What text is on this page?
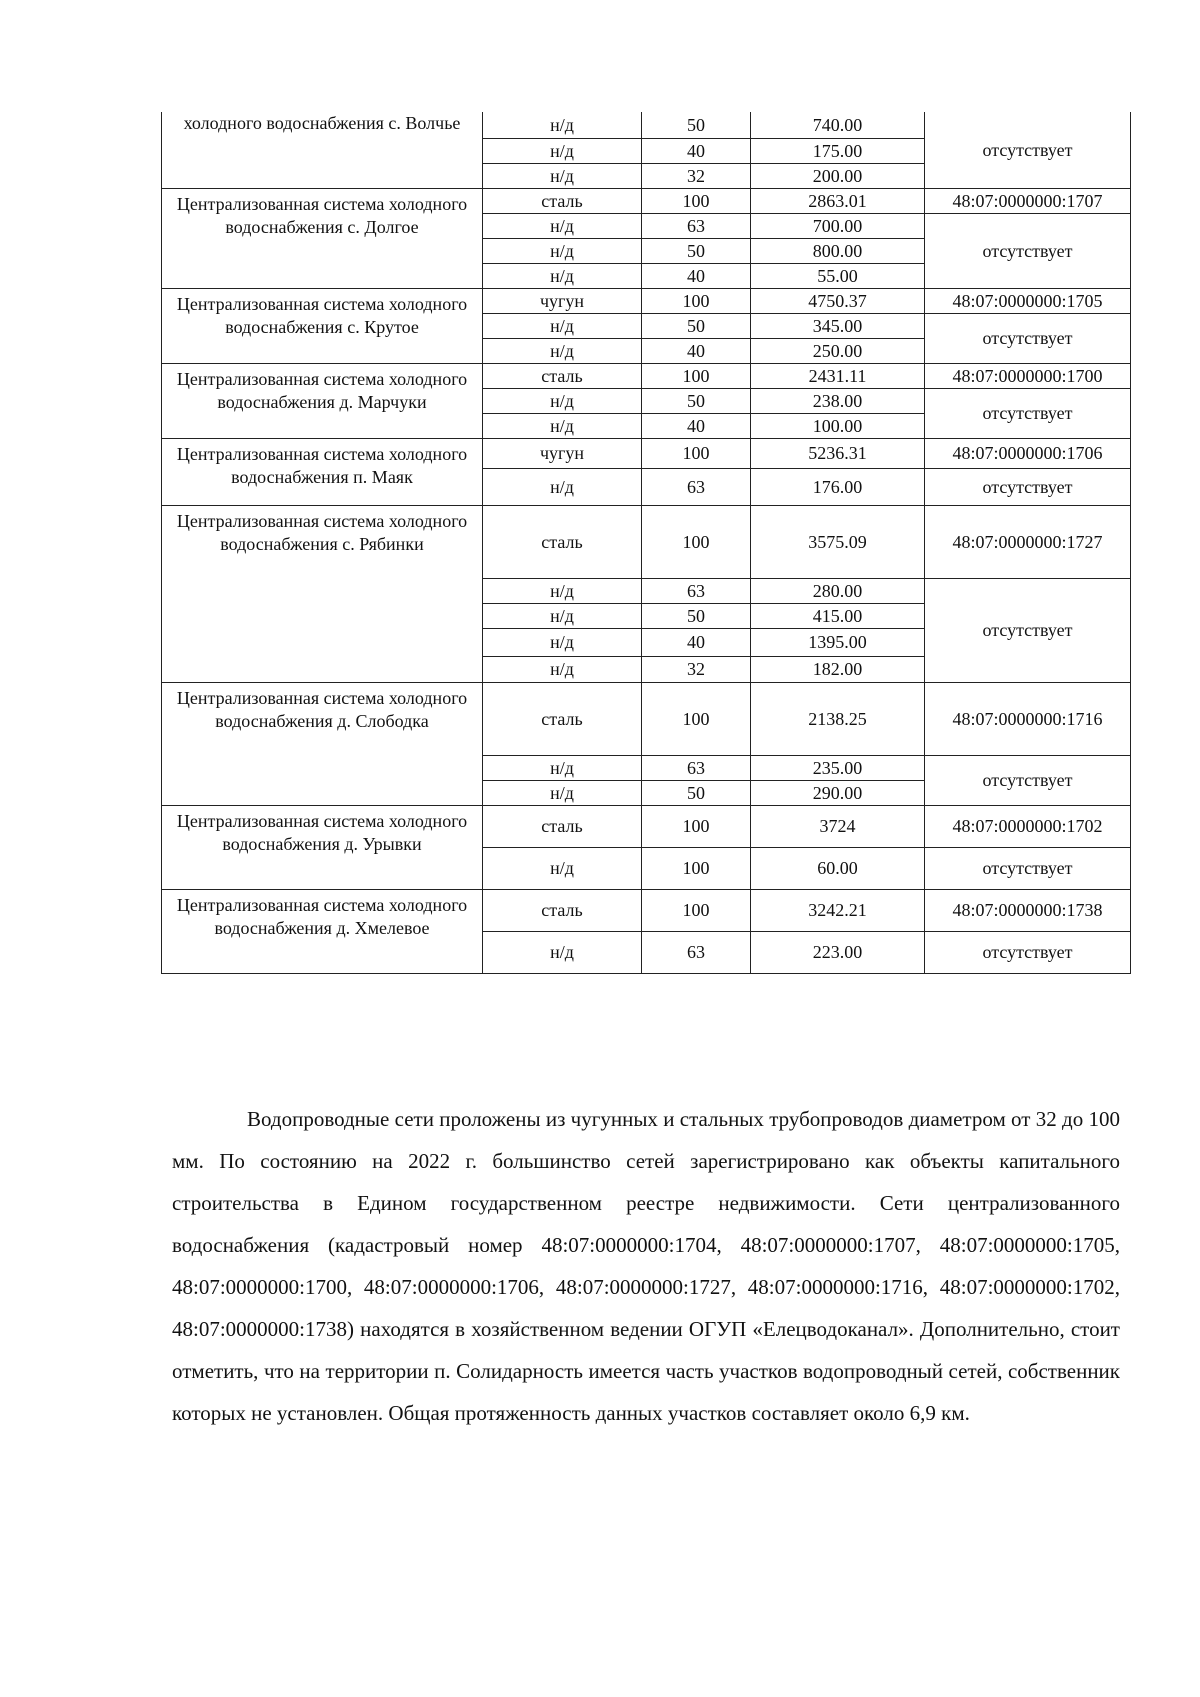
холодного водоснабжения с. Волчье	н/д	50	740.00	отсутствует
	н/д	40	175.00	
	н/д	32	200.00	

Централизованная система холодного водоснабжения с. Долгое	сталь	100	2863.01	48:07:0000000:1707
	н/д	63	700.00	отсутствует
	н/д	50	800.00	
	н/д	40	55.00	

Централизованная система холодного водоснабжения с. Крутое	чугун	100	4750.37	48:07:0000000:1705
	н/д	50	345.00	отсутствует
	н/д	40	250.00	

Централизованная система холодного водоснабжения д. Марчуки	сталь	100	2431.11	48:07:0000000:1700
	н/д	50	238.00	отсутствует
	н/д	40	100.00	

Централизованная система холодного водоснабжения п. Маяк	чугун	100	5236.31	48:07:0000000:1706
	н/д	63	176.00	отсутствует

Централизованная система холодного водоснабжения с. Рябинки	сталь	100	3575.09	48:07:0000000:1727
	н/д	63	280.00	отсутствует
	н/д	50	415.00	
	н/д	40	1395.00	
	н/д	32	182.00	

Централизованная система холодного водоснабжения д. Слободка	сталь	100	2138.25	48:07:0000000:1716
	н/д	63	235.00	отсутствует
	н/д	50	290.00	

Централизованная система холодного водоснабжения д. Урывки	сталь	100	3724	48:07:0000000:1702
	н/д	100	60.00	отсутствует

Централизованная система холодного водоснабжения д. Хмелевое	сталь	100	3242.21	48:07:0000000:1738
	н/д	63	223.00	отсутствует

Водопроводные сети проложены из чугунных и стальных трубопроводов диаметром от 32 до 100 мм. По состоянию на 2022 г. большинство сетей зарегистрировано как объекты капитального строительства в Едином государственном реестре недвижимости. Сети централизованного водоснабжения (кадастровый номер 48:07:0000000:1704, 48:07:0000000:1707, 48:07:0000000:1705, 48:07:0000000:1700, 48:07:0000000:1706, 48:07:0000000:1727, 48:07:0000000:1716, 48:07:0000000:1702, 48:07:0000000:1738) находятся в хозяйственном ведении ОГУП «Елецводоканал». Дополнительно, стоит отметить, что на территории п. Солидарность имеется часть участков водопроводный сетей, собственник которых не установлен. Общая протяженность данных участков составляет около 6,9 км.
